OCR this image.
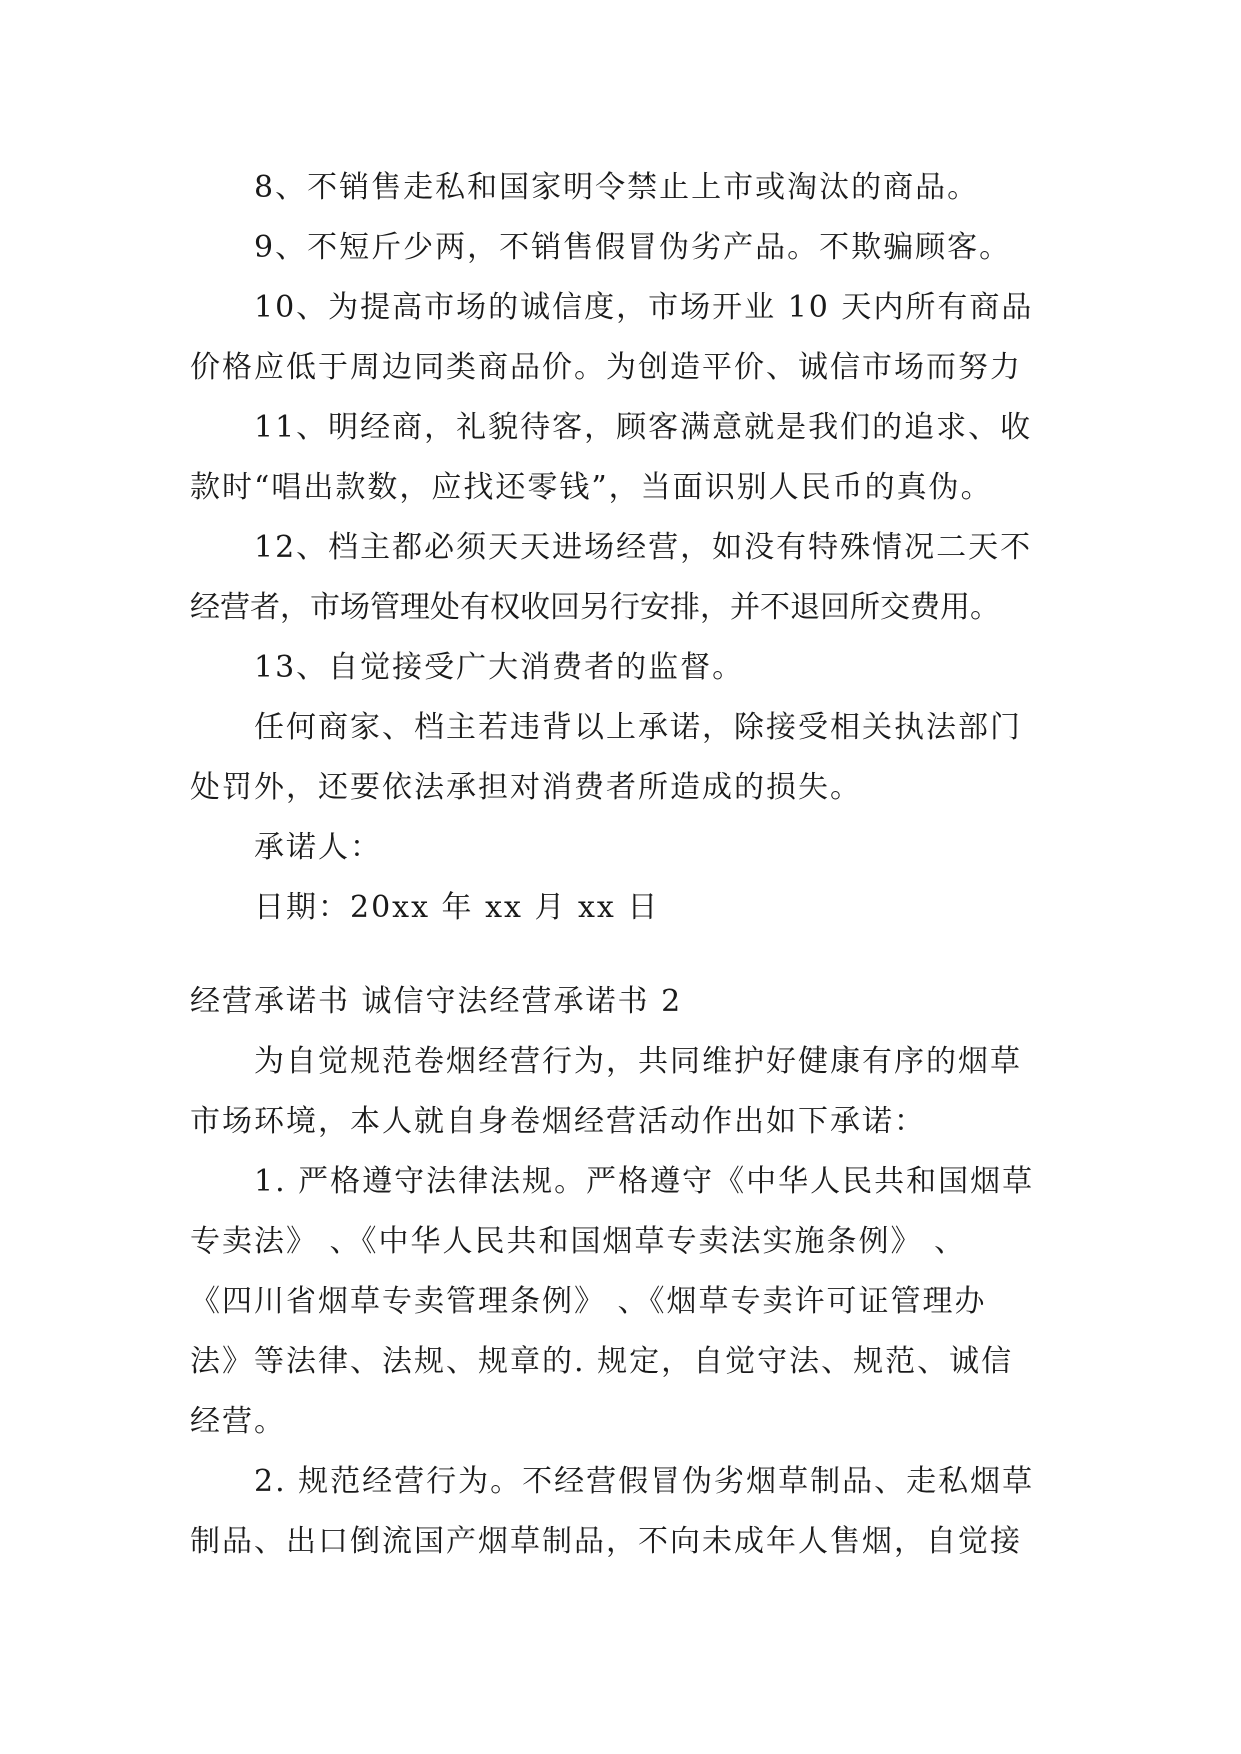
8、不销售走私和国家明令禁止上市或淘汰的商品。
9、不短斤少两，不销售假冒伪劣产品。不欺骗顾客。
10、为提高市场的诚信度，市场开业 10 天内所有商品
价格应低于周边同类商品价。为创造平价、诚信市场而努力
11、明经商，礼貌待客，顾客满意就是我们的追求、收
款时“唱出款数，应找还零钱”，当面识别人民币的真伪。
12、档主都必须天天进场经营，如没有特殊情况二天不
经营者，市场管理处有权收回另行安排，并不退回所交费用。
13、自觉接受广大消费者的监督。
任何商家、档主若违背以上承诺，除接受相关执法部门
处罚外，还要依法承担对消费者所造成的损失。
承诺人：
日期：20xx 年 xx 月 xx 日
经营承诺书 诚信守法经营承诺书 2
为自觉规范卷烟经营行为，共同维护好健康有序的烟草
市场环境，本人就自身卷烟经营活动作出如下承诺：
1. 严格遵守法律法规。严格遵守《中华人民共和国烟草
专卖法》 、《中华人民共和国烟草专卖法实施条例》 、
《四川省烟草专卖管理条例》 、《烟草专卖许可证管理办
法》等法律、法规、规章的. 规定，自觉守法、规范、诚信
经营。
2. 规范经营行为。不经营假冒伪劣烟草制品、走私烟草
制品、出口倒流国产烟草制品，不向未成年人售烟，自觉接
